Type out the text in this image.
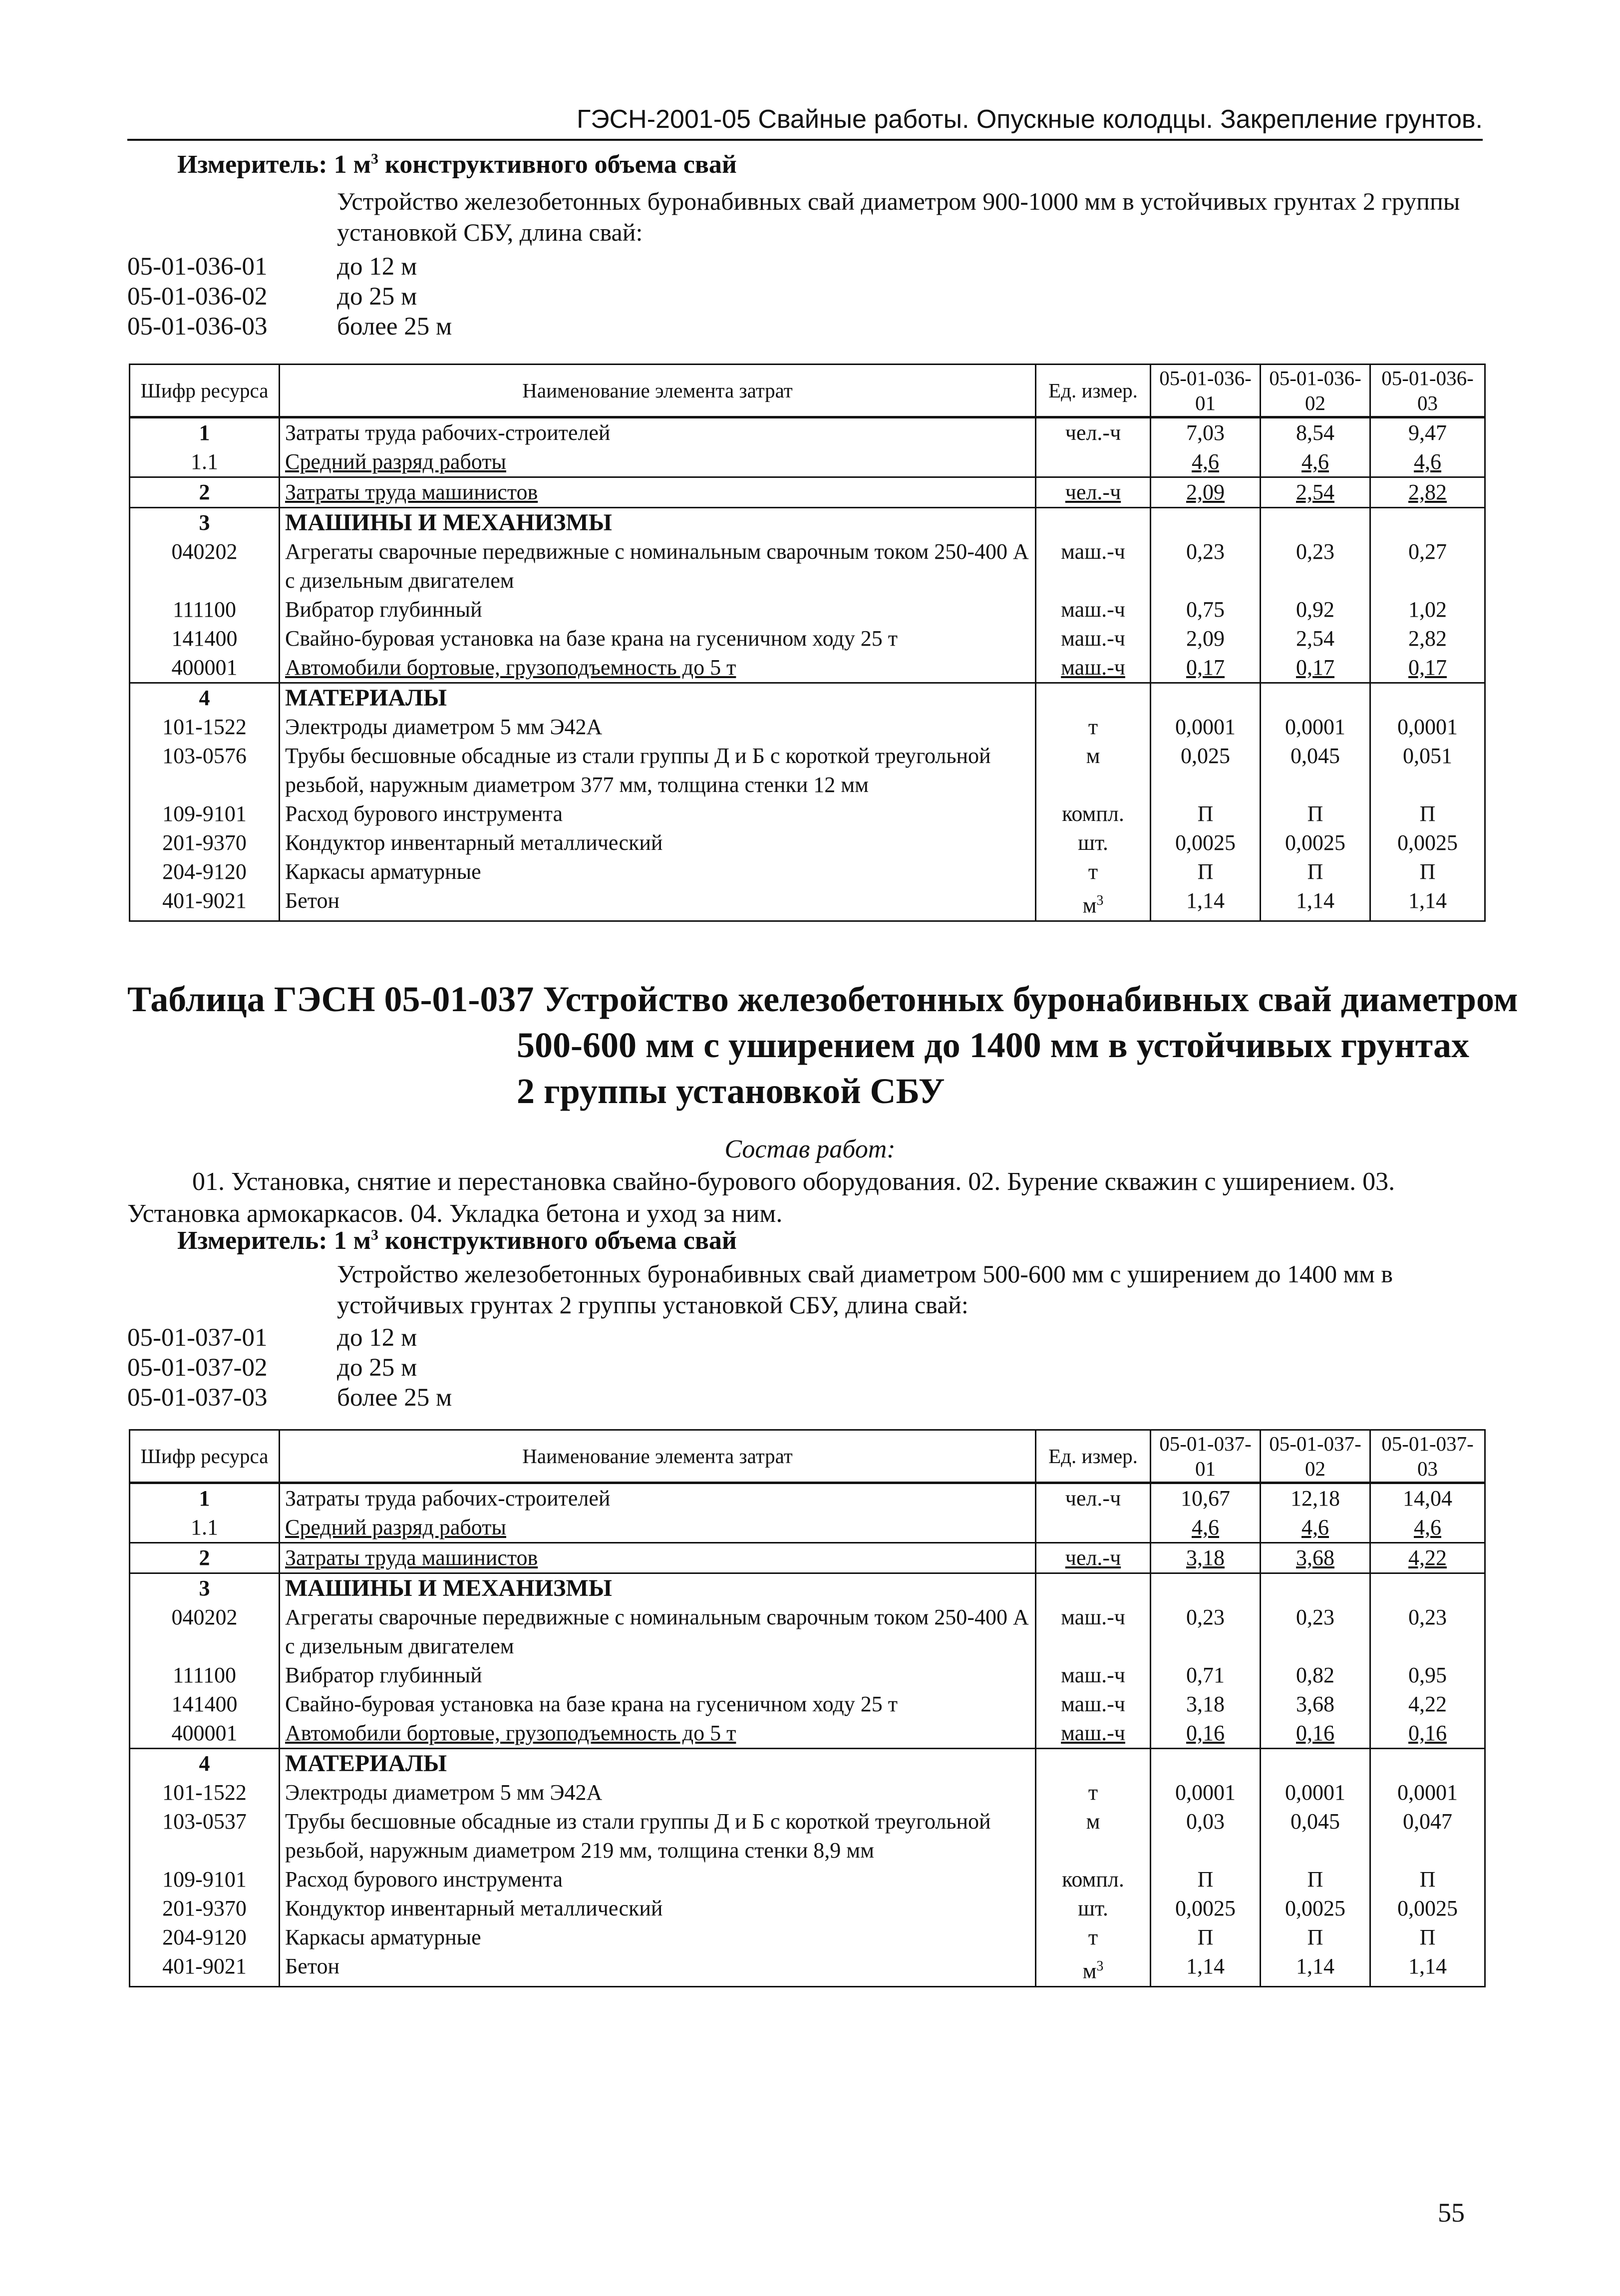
ГЭСН-2001-05 Свайные работы. Опускные колодцы. Закрепление грунтов.
Измеритель: 1 $м^3$ конструктивного объема свай
Устройство железобетонных буронабивных свай диаметром 900-1000 мм в устойчивых грунтах 2 группы установкой СБУ, длина свай:
05-01-036-01	до 12 м
05-01-036-02	до 25 м
05-01-036-03	более 25 м
Шифр ресурса	Наименование элемента затрат	Ед. измер.	05-01-036-01	05-01-036-02	05-01-036-03
1	Затраты труда рабочих-строителей	чел.-ч	7,03	8,54	9,47
1.1	Средний разряд работы		4,6	4,6	4,6
2	Затраты труда машинистов	чел.-ч	2,09	2,54	2,82
3	МАШИНЫ И МЕХАНИЗМЫ				
040202	Агрегаты сварочные передвижные с номинальным сварочным током 250-400 А с дизельным двигателем	маш.-ч	0,23	0,23	0,27
111100	Вибратор глубинный	маш.-ч	0,75	0,92	1,02
141400	Свайно-буровая установка на базе крана на гусеничном ходу 25 т	маш.-ч	2,09	2,54	2,82
400001	Автомобили бортовые, грузоподъемность до 5 т	маш.-ч	0,17	0,17	0,17
4	МАТЕРИАЛЫ				
101-1522	Электроды диаметром 5 мм Э42А	т	0,0001	0,0001	0,0001
103-0576	Трубы бесшовные обсадные из стали группы Д и Б с короткой треугольной резьбой, наружным диаметром 377 мм, толщина стенки 12 мм	м	0,025	0,045	0,051
109-9101	Расход бурового инструмента	компл.	П	П	П
201-9370	Кондуктор инвентарный металлический	шт.	0,0025	0,0025	0,0025
204-9120	Каркасы арматурные	т	П	П	П
401-9021	Бетон	$м^3$	1,14	1,14	1,14
Таблица ГЭСН 05-01-037 Устройство железобетонных буронабивных свай диаметром
500-600 мм с уширением до 1400 мм в устойчивых грунтах 2 группы установкой СБУ
Состав работ:
01. Установка, снятие и перестановка свайно-бурового оборудования. 02. Бурение скважин с уширением. 03. Установка армокаркасов. 04. Укладка бетона и уход за ним.
Измеритель: 1 $м^3$ конструктивного объема свай
Устройство железобетонных буронабивных свай диаметром 500-600 мм с уширением до 1400 мм в устойчивых грунтах 2 группы установкой СБУ, длина свай:
05-01-037-01	до 12 м
05-01-037-02	до 25 м
05-01-037-03	более 25 м
Шифр ресурса	Наименование элемента затрат	Ед. измер.	05-01-037-01	05-01-037-02	05-01-037-03
1	Затраты труда рабочих-строителей	чел.-ч	10,67	12,18	14,04
1.1	Средний разряд работы		4,6	4,6	4,6
2	Затраты труда машинистов	чел.-ч	3,18	3,68	4,22
3	МАШИНЫ И МЕХАНИЗМЫ				
040202	Агрегаты сварочные передвижные с номинальным сварочным током 250-400 А с дизельным двигателем	маш.-ч	0,23	0,23	0,23
111100	Вибратор глубинный	маш.-ч	0,71	0,82	0,95
141400	Свайно-буровая установка на базе крана на гусеничном ходу 25 т	маш.-ч	3,18	3,68	4,22
400001	Автомобили бортовые, грузоподъемность до 5 т	маш.-ч	0,16	0,16	0,16
4	МАТЕРИАЛЫ				
101-1522	Электроды диаметром 5 мм Э42А	т	0,0001	0,0001	0,0001
103-0537	Трубы бесшовные обсадные из стали группы Д и Б с короткой треугольной резьбой, наружным диаметром 219 мм, толщина стенки 8,9 мм	м	0,03	0,045	0,047
109-9101	Расход бурового инструмента	компл.	П	П	П
201-9370	Кондуктор инвентарный металлический	шт.	0,0025	0,0025	0,0025
204-9120	Каркасы арматурные	т	П	П	П
401-9021	Бетон	$м^3$	1,14	1,14	1,14
55
